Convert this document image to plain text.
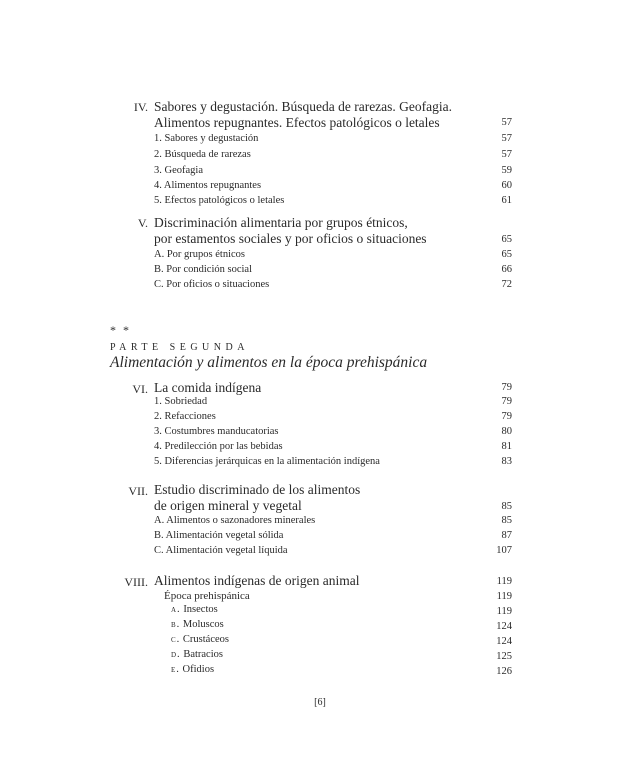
IV. Sabores y degustación. Búsqueda de rarezas. Geofagia.
Alimentos repugnantes. Efectos patológicos o letales	57
1. Sabores y degustación	57
2. Búsqueda de rarezas	57
3. Geofagia	59
4. Alimentos repugnantes	60
5. Efectos patológicos o letales	61
V. Discriminación alimentaria por grupos étnicos,
por estamentos sociales y por oficios o situaciones	65
A. Por grupos étnicos	65
B. Por condición social	66
C. Por oficios o situaciones	72
* *
PARTE SEGUNDA
Alimentación y alimentos en la época prehispánica
VI. La comida indígena	79
1. Sobriedad	79
2. Refacciones	79
3. Costumbres manducatorias	80
4. Predilección por las bebidas	81
5. Diferencias jerárquicas en la alimentación indígena	83
VII. Estudio discriminado de los alimentos
de origen mineral y vegetal	85
A. Alimentos o sazonadores minerales	85
B. Alimentación vegetal sólida	87
C. Alimentación vegetal líquida	107
VIII. Alimentos indígenas de origen animal	119
Época prehispánica	119
a. Insectos	119
b. Moluscos	124
c. Crustáceos	124
d. Batracios	125
e. Ofidios	126
[6]
